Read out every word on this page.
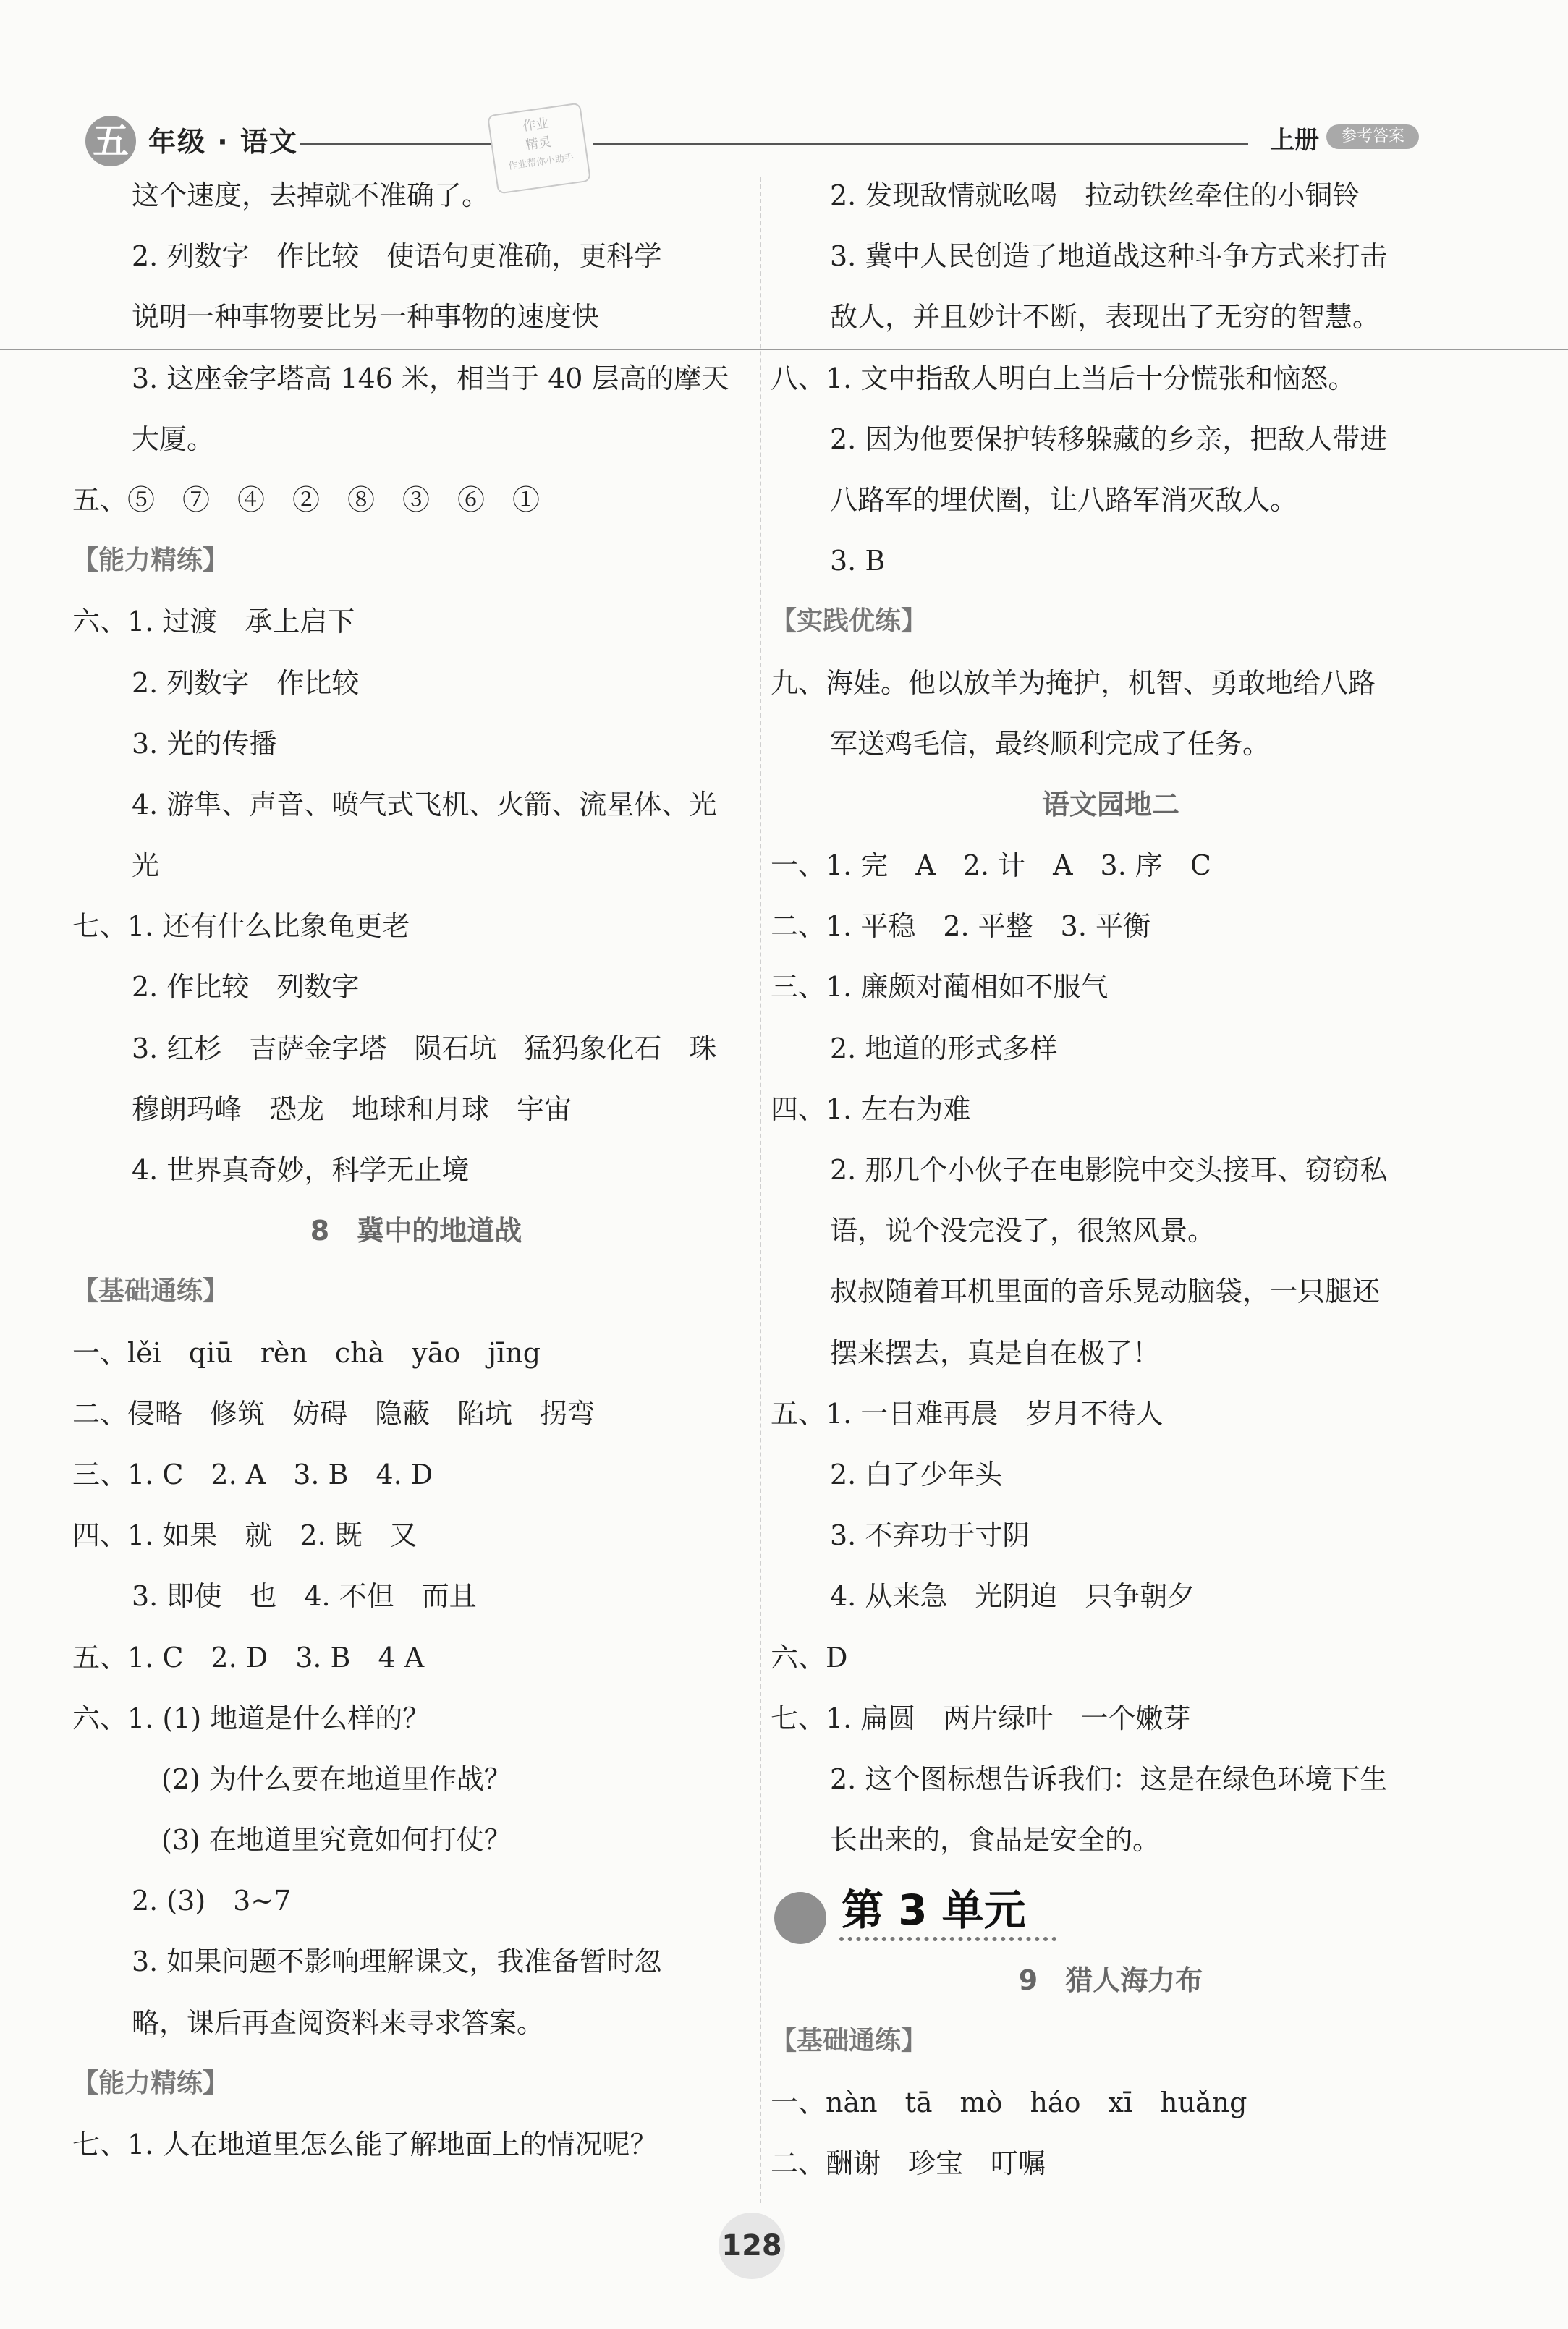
五 年级 · 语文
作业
精灵
作业帮你小助手
上册	参考答案
这个速度，去掉就不准确了。
2. 列数字　作比较　使语句更准确，更科学
说明一种事物要比另一种事物的速度快
3. 这座金字塔高 146 米，相当于 40 层高的摩天
大厦。
五、⑤　⑦　④　②　⑧　③　⑥　①
【能力精练】
六、1. 过渡　承上启下
2. 列数字　作比较
3. 光的传播
4. 游隼、声音、喷气式飞机、火箭、流星体、光
光
七、1. 还有什么比象龟更老
2. 作比较　列数字
3. 红杉　吉萨金字塔　陨石坑　猛犸象化石　珠
穆朗玛峰　恐龙　地球和月球　宇宙
4. 世界真奇妙，科学无止境
8　冀中的地道战
【基础通练】
一、lěi　qiū　rèn　chà　yāo　jīng
二、侵略　修筑　妨碍　隐蔽　陷坑　拐弯
三、1. C　2. A　3. B　4. D
四、1. 如果　就　2. 既　又
3. 即使　也　4. 不但　而且
五、1. C　2. D　3. B　4 A
六、1. (1) 地道是什么样的？
(2) 为什么要在地道里作战？
(3) 在地道里究竟如何打仗？
2. (3)　3~7
3. 如果问题不影响理解课文，我准备暂时忽
略，课后再查阅资料来寻求答案。
【能力精练】
七、1. 人在地道里怎么能了解地面上的情况呢？
2. 发现敌情就吆喝　拉动铁丝牵住的小铜铃
3. 冀中人民创造了地道战这种斗争方式来打击
敌人，并且妙计不断，表现出了无穷的智慧。
八、1. 文中指敌人明白上当后十分慌张和恼怒。
2. 因为他要保护转移躲藏的乡亲，把敌人带进
八路军的埋伏圈，让八路军消灭敌人。
3. B
【实践优练】
九、海娃。他以放羊为掩护，机智、勇敢地给八路
军送鸡毛信，最终顺利完成了任务。
语文园地二
一、1. 完　A　2. 计　A　3. 序　C
二、1. 平稳　2. 平整　3. 平衡
三、1. 廉颇对蔺相如不服气
2. 地道的形式多样
四、1. 左右为难
2. 那几个小伙子在电影院中交头接耳、窃窃私
语，说个没完没了，很煞风景。
叔叔随着耳机里面的音乐晃动脑袋，一只腿还
摆来摆去，真是自在极了！
五、1. 一日难再晨　岁月不待人
2. 白了少年头
3. 不弃功于寸阴
4. 从来急　光阴迫　只争朝夕
六、D
七、1. 扁圆　两片绿叶　一个嫩芽
2. 这个图标想告诉我们：这是在绿色环境下生
长出来的，食品是安全的。
第 3 单元
9　猎人海力布
【基础通练】
一、nàn　tā　mò　háo　xī　huǎng
二、酬谢　珍宝　叮嘱
128
